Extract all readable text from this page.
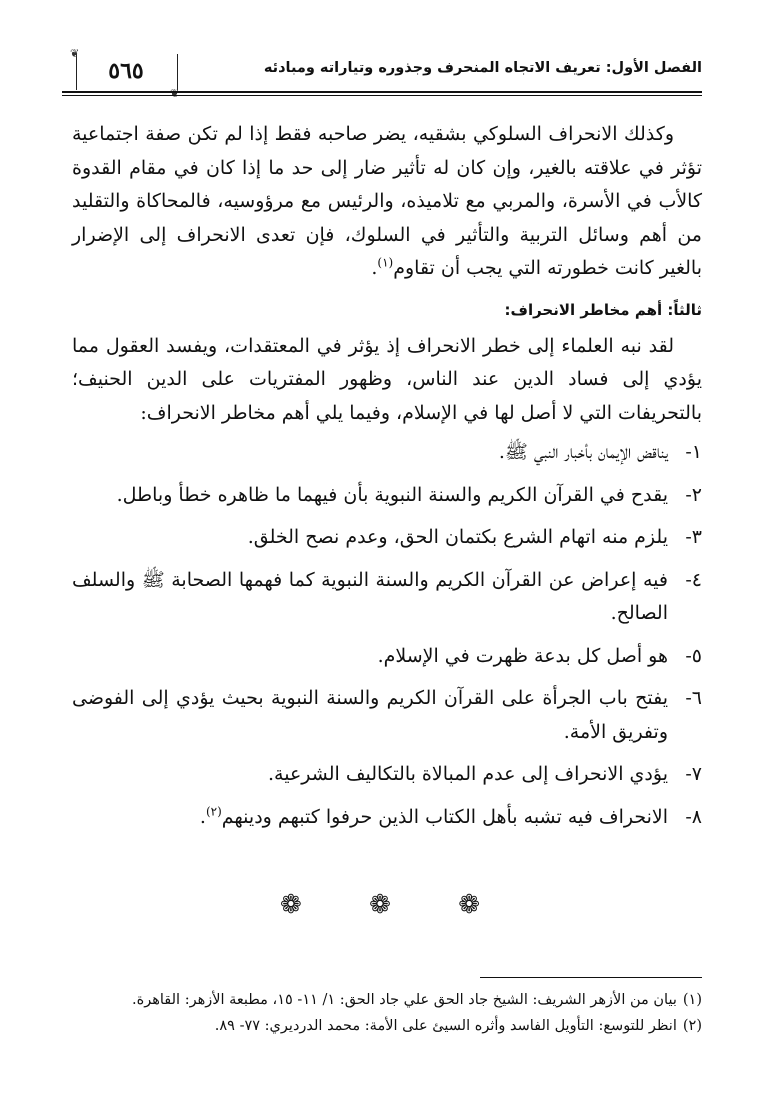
❦
❦
٥٦٥	الفصل الأول: تعريف الاتجاه المنحرف وجذوره وتياراته ومبادئه

وكذلك الانحراف السلوكي بشقيه، يضر صاحبه فقط إذا لم تكن صفة اجتماعية تؤثر في علاقته بالغير، وإن كان له تأثير ضار إلى حد ما إذا كان في مقام القدوة كالأب في الأسرة، والمربي مع تلاميذه، والرئيس مع مرؤوسيه، فالمحاكاة والتقليد من أهم وسائل التربية والتأثير في السلوك، فإن تعدى الانحراف إلى الإضرار بالغير كانت خطورته التي يجب أن تقاوم$^{(١)}$.

ثالثاً: أهم مخاطر الانحراف:

لقد نبه العلماء إلى خطر الانحراف إذ يؤثر في المعتقدات، ويفسد العقول مما يؤدي إلى فساد الدين عند الناس، وظهور المفتريات على الدين الحنيف؛ بالتحريفات التي لا أصل لها في الإسلام، وفيما يلي أهم مخاطر الانحراف:

١-
يناقض الإيمان بأخبار النبي ﷺ.
٢-
يقدح في القرآن الكريم والسنة النبوية بأن فيهما ما ظاهره خطأ وباطل.
٣-
يلزم منه اتهام الشرع بكتمان الحق، وعدم نصح الخلق.
٤-
فيه إعراض عن القرآن الكريم والسنة النبوية كما فهمها الصحابة ﷺ والسلف الصالح.
٥-
هو أصل كل بدعة ظهرت في الإسلام.
٦-
يفتح باب الجرأة على القرآن الكريم والسنة النبوية بحيث يؤدي إلى الفوضى وتفريق الأمة.
٧-
يؤدي الانحراف إلى عدم المبالاة بالتكاليف الشرعية.
٨-
الانحراف فيه تشبه بأهل الكتاب الذين حرفوا كتبهم ودينهم$^{(٢)}$.
❁	❁	❁

(١)بيان من الأزهر الشريف: الشيخ جاد الحق علي جاد الحق: ١/ ١١- ١٥، مطبعة الأزهر: القاهرة.

(٢)انظر للتوسع: التأويل الفاسد وأثره السيئ على الأمة: محمد الدرديري: ٧٧- ٨٩.
